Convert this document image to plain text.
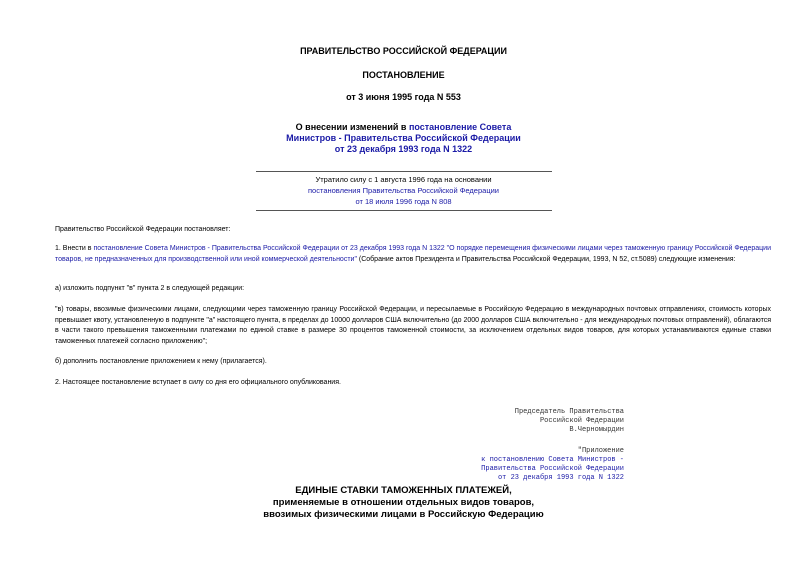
ПРАВИТЕЛЬСТВО РОССИЙСКОЙ ФЕДЕРАЦИИ
ПОСТАНОВЛЕНИЕ
от 3 июня 1995 года N 553
О внесении изменений в постановление Совета
Министров - Правительства Российской Федерации
от 23 декабря 1993 года N 1322
Утратило силу с 1 августа 1996 года на основании
постановления Правительства Российской Федерации
от 18 июля 1996 года N 808
Правительство Российской Федерации постановляет:
1. Внести в постановление Совета Министров - Правительства Российской Федерации от 23 декабря 1993 года N 1322 "О порядке перемещения физическими лицами через таможенную границу Российской Федерации товаров, не предназначенных для производственной или иной коммерческой деятельности" (Собрание актов Президента и Правительства Российской Федерации, 1993, N 52, ст.5089) следующие изменения:
а) изложить подпункт "в" пункта 2 в следующей редакции:
"в) товары, ввозимые физическими лицами, следующими через таможенную границу Российской Федерации, и пересылаемые в Российскую Федерацию в международных почтовых отправлениях, стоимость которых превышает квоту, установленную в подпункте "а" настоящего пункта, в пределах до 10000 долларов США включительно (до 2000 долларов США включительно - для международных почтовых отправлений), облагаются в части такого превышения таможенными платежами по единой ставке в размере 30 процентов таможенной стоимости, за исключением отдельных видов товаров, для которых устанавливаются единые ставки таможенных платежей согласно приложению";
б) дополнить постановление приложением к нему (прилагается).
2. Настоящее постановление вступает в силу со дня его официального опубликования.
Председатель Правительства
Российской Федерации
В.Черномырдин
"Приложение
к постановлению Совета Министров -
Правительства Российской Федерации
от 23 декабря 1993 года N 1322
ЕДИНЫЕ СТАВКИ ТАМОЖЕННЫХ ПЛАТЕЖЕЙ,
применяемые в отношении отдельных видов товаров,
ввозимых физическими лицами в Российскую Федерацию
